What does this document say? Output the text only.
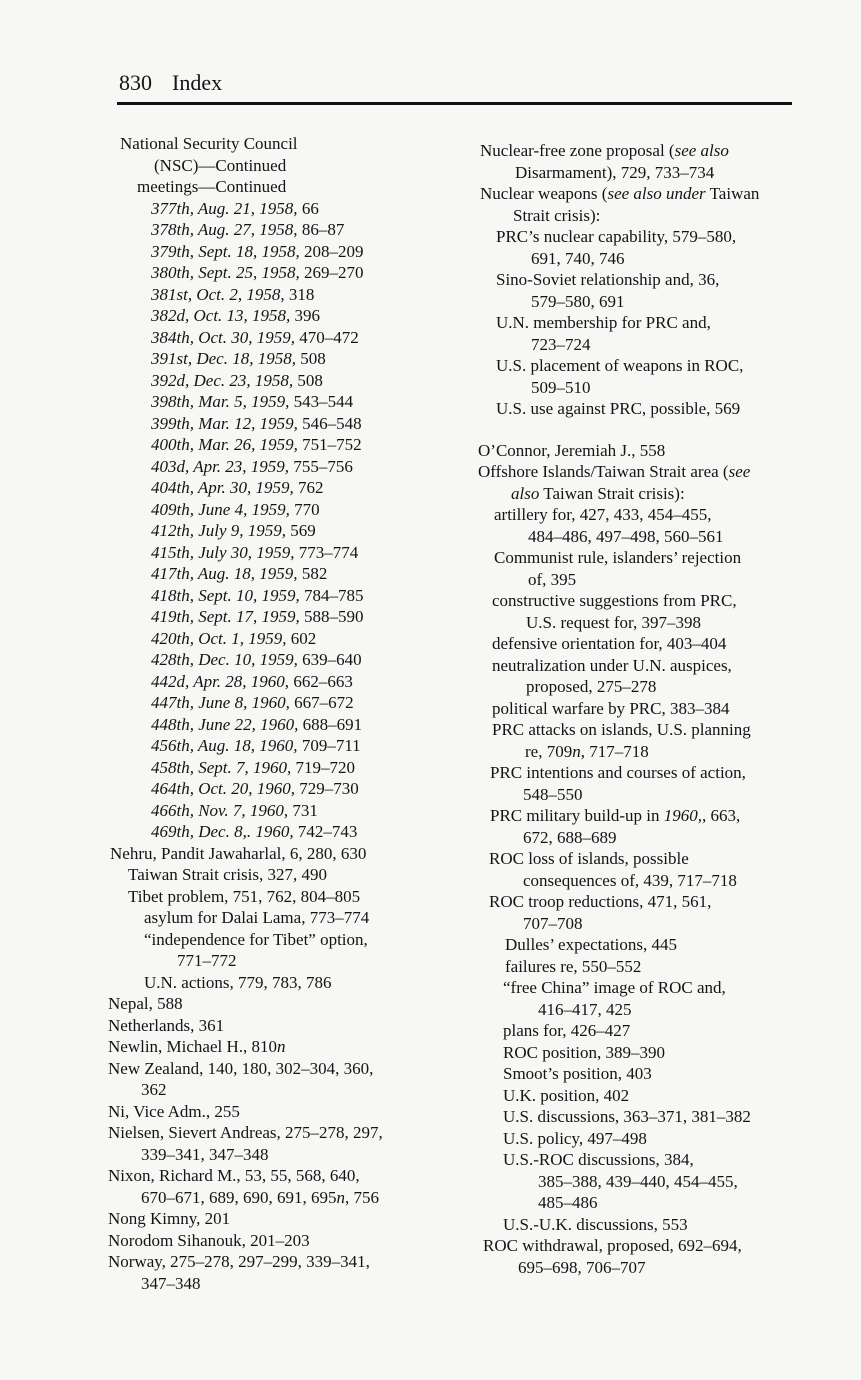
830 Index
National Security Council
(NSC)—Continued
meetings—Continued
377th, Aug. 21, 1958, 66
378th, Aug. 27, 1958, 86–87
379th, Sept. 18, 1958, 208–209
380th, Sept. 25, 1958, 269–270
381st, Oct. 2, 1958, 318
382d, Oct. 13, 1958, 396
384th, Oct. 30, 1959, 470–472
391st, Dec. 18, 1958, 508
392d, Dec. 23, 1958, 508
398th, Mar. 5, 1959, 543–544
399th, Mar. 12, 1959, 546–548
400th, Mar. 26, 1959, 751–752
403d, Apr. 23, 1959, 755–756
404th, Apr. 30, 1959, 762
409th, June 4, 1959, 770
412th, July 9, 1959, 569
415th, July 30, 1959, 773–774
417th, Aug. 18, 1959, 582
418th, Sept. 10, 1959, 784–785
419th, Sept. 17, 1959, 588–590
420th, Oct. 1, 1959, 602
428th, Dec. 10, 1959, 639–640
442d, Apr. 28, 1960, 662–663
447th, June 8, 1960, 667–672
448th, June 22, 1960, 688–691
456th, Aug. 18, 1960, 709–711
458th, Sept. 7, 1960, 719–720
464th, Oct. 20, 1960, 729–730
466th, Nov. 7, 1960, 731
469th, Dec. 8,. 1960, 742–743
Nehru, Pandit Jawaharlal, 6, 280, 630
Taiwan Strait crisis, 327, 490
Tibet problem, 751, 762, 804–805
asylum for Dalai Lama, 773–774
“independence for Tibet” option,
771–772
U.N. actions, 779, 783, 786
Nepal, 588
Netherlands, 361
Newlin, Michael H., 810n
New Zealand, 140, 180, 302–304, 360,
362
Ni, Vice Adm., 255
Nielsen, Sievert Andreas, 275–278, 297,
339–341, 347–348
Nixon, Richard M., 53, 55, 568, 640,
670–671, 689, 690, 691, 695n, 756
Nong Kimny, 201
Norodom Sihanouk, 201–203
Norway, 275–278, 297–299, 339–341,
347–348
Nuclear-free zone proposal (see also
Disarmament), 729, 733–734
Nuclear weapons (see also under Taiwan
Strait crisis):
PRC’s nuclear capability, 579–580,
691, 740, 746
Sino-Soviet relationship and, 36,
579–580, 691
U.N. membership for PRC and,
723–724
U.S. placement of weapons in ROC,
509–510
U.S. use against PRC, possible, 569
O’Connor, Jeremiah J., 558
Offshore Islands/Taiwan Strait area (see
also Taiwan Strait crisis):
artillery for, 427, 433, 454–455,
484–486, 497–498, 560–561
Communist rule, islanders’ rejection
of, 395
constructive suggestions from PRC,
U.S. request for, 397–398
defensive orientation for, 403–404
neutralization under U.N. auspices,
proposed, 275–278
political warfare by PRC, 383–384
PRC attacks on islands, U.S. planning
re, 709n, 717–718
PRC intentions and courses of action,
548–550
PRC military build-up in 1960,, 663,
672, 688–689
ROC loss of islands, possible
consequences of, 439, 717–718
ROC troop reductions, 471, 561,
707–708
Dulles’ expectations, 445
failures re, 550–552
“free China” image of ROC and,
416–417, 425
plans for, 426–427
ROC position, 389–390
Smoot’s position, 403
U.K. position, 402
U.S. discussions, 363–371, 381–382
U.S. policy, 497–498
U.S.-ROC discussions, 384,
385–388, 439–440, 454–455,
485–486
U.S.-U.K. discussions, 553
ROC withdrawal, proposed, 692–694,
695–698, 706–707
